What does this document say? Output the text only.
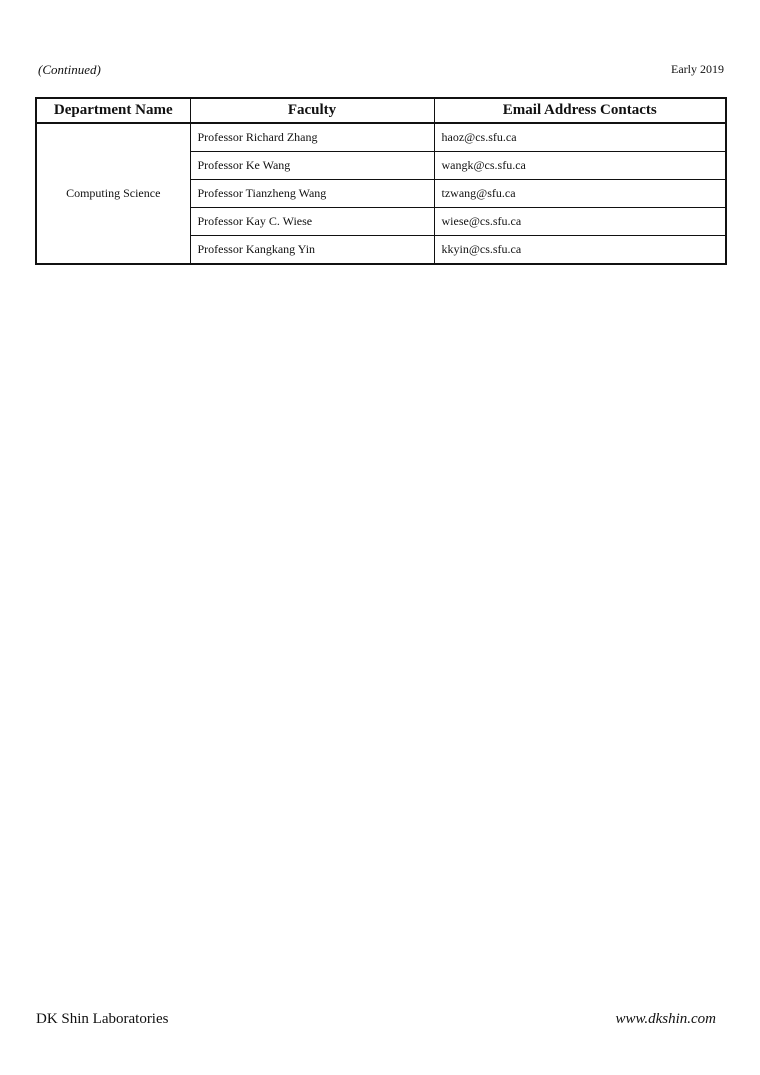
(Continued)	Early 2019
Department Name	Faculty	Email Address Contacts
Computing Science	Professor Richard Zhang	haoz@cs.sfu.ca
	Professor Ke Wang	wangk@cs.sfu.ca
	Professor Tianzheng Wang	tzwang@sfu.ca
	Professor Kay C. Wiese	wiese@cs.sfu.ca
	Professor Kangkang Yin	kkyin@cs.sfu.ca
DK Shin Laboratories	www.dkshin.com
